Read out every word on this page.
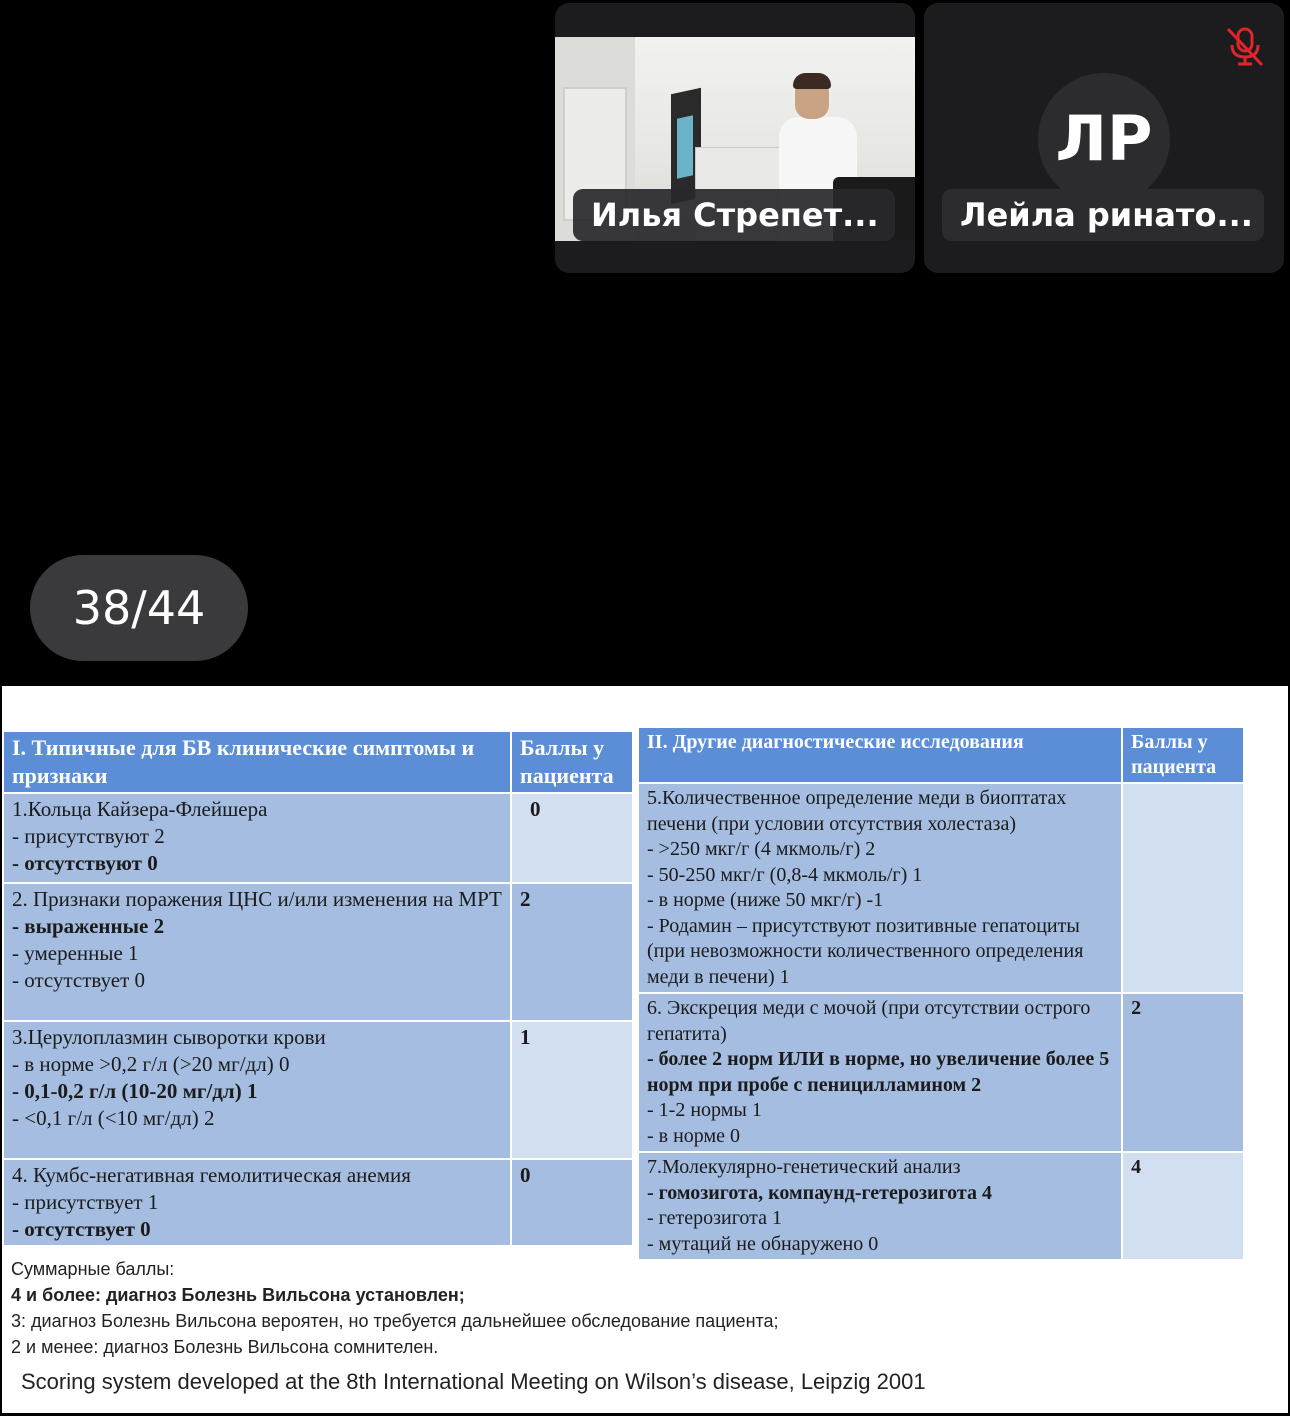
Илья Стрепет...
ЛР
Лейла ринато...
38/44
I. Типичные для БВ клинические симптомы и признаки	Баллы у пациента

1.Кольца Кайзера-Флейшера
- присутствуют 2
- отсутствуют 0	0

2. Признаки поражения ЦНС и/или изменения на МРТ
- выраженные 2
- умеренные 1
- отсутствует 0	2

3.Церулоплазмин сыворотки крови
- в норме >0,2 г/л (>20 мг/дл) 0
- 0,1-0,2 г/л (10-20 мг/дл) 1
- <0,1 г/л (<10 мг/дл) 2	1

4. Кумбс-негативная гемолитическая анемия
- присутствует 1
- отсутствует 0	0
II. Другие диагностические исследования	Баллы у пациента

5.Количественное определение меди в биоптатах печени (при условии отсутствия холестаза)
- >250 мкг/г (4 мкмоль/г) 2
- 50-250 мкг/г (0,8-4 мкмоль/г) 1
- в норме (ниже 50 мкг/г) -1
- Родамин – присутствуют позитивные гепатоциты (при невозможности количественного определения меди в печени) 1	

6. Экскреция меди с мочой (при отсутствии острого гепатита)
- более 2 норм ИЛИ в норме, но увеличение более 5 норм при пробе с пеницилламином 2
- 1-2 нормы 1
- в норме 0	2

7.Молекулярно-генетический анализ
- гомозигота, компаунд-гетерозигота 4
- гетерозигота 1
- мутаций не обнаружено 0	4
Суммарные баллы:
4 и более: диагноз Болезнь Вильсона установлен;
3: диагноз Болезнь Вильсона вероятен, но требуется дальнейшее обследование пациента;
2 и менее: диагноз Болезнь Вильсона сомнителен.
Scoring system developed at the 8th International Meeting on Wilson’s disease, Leipzig 2001
